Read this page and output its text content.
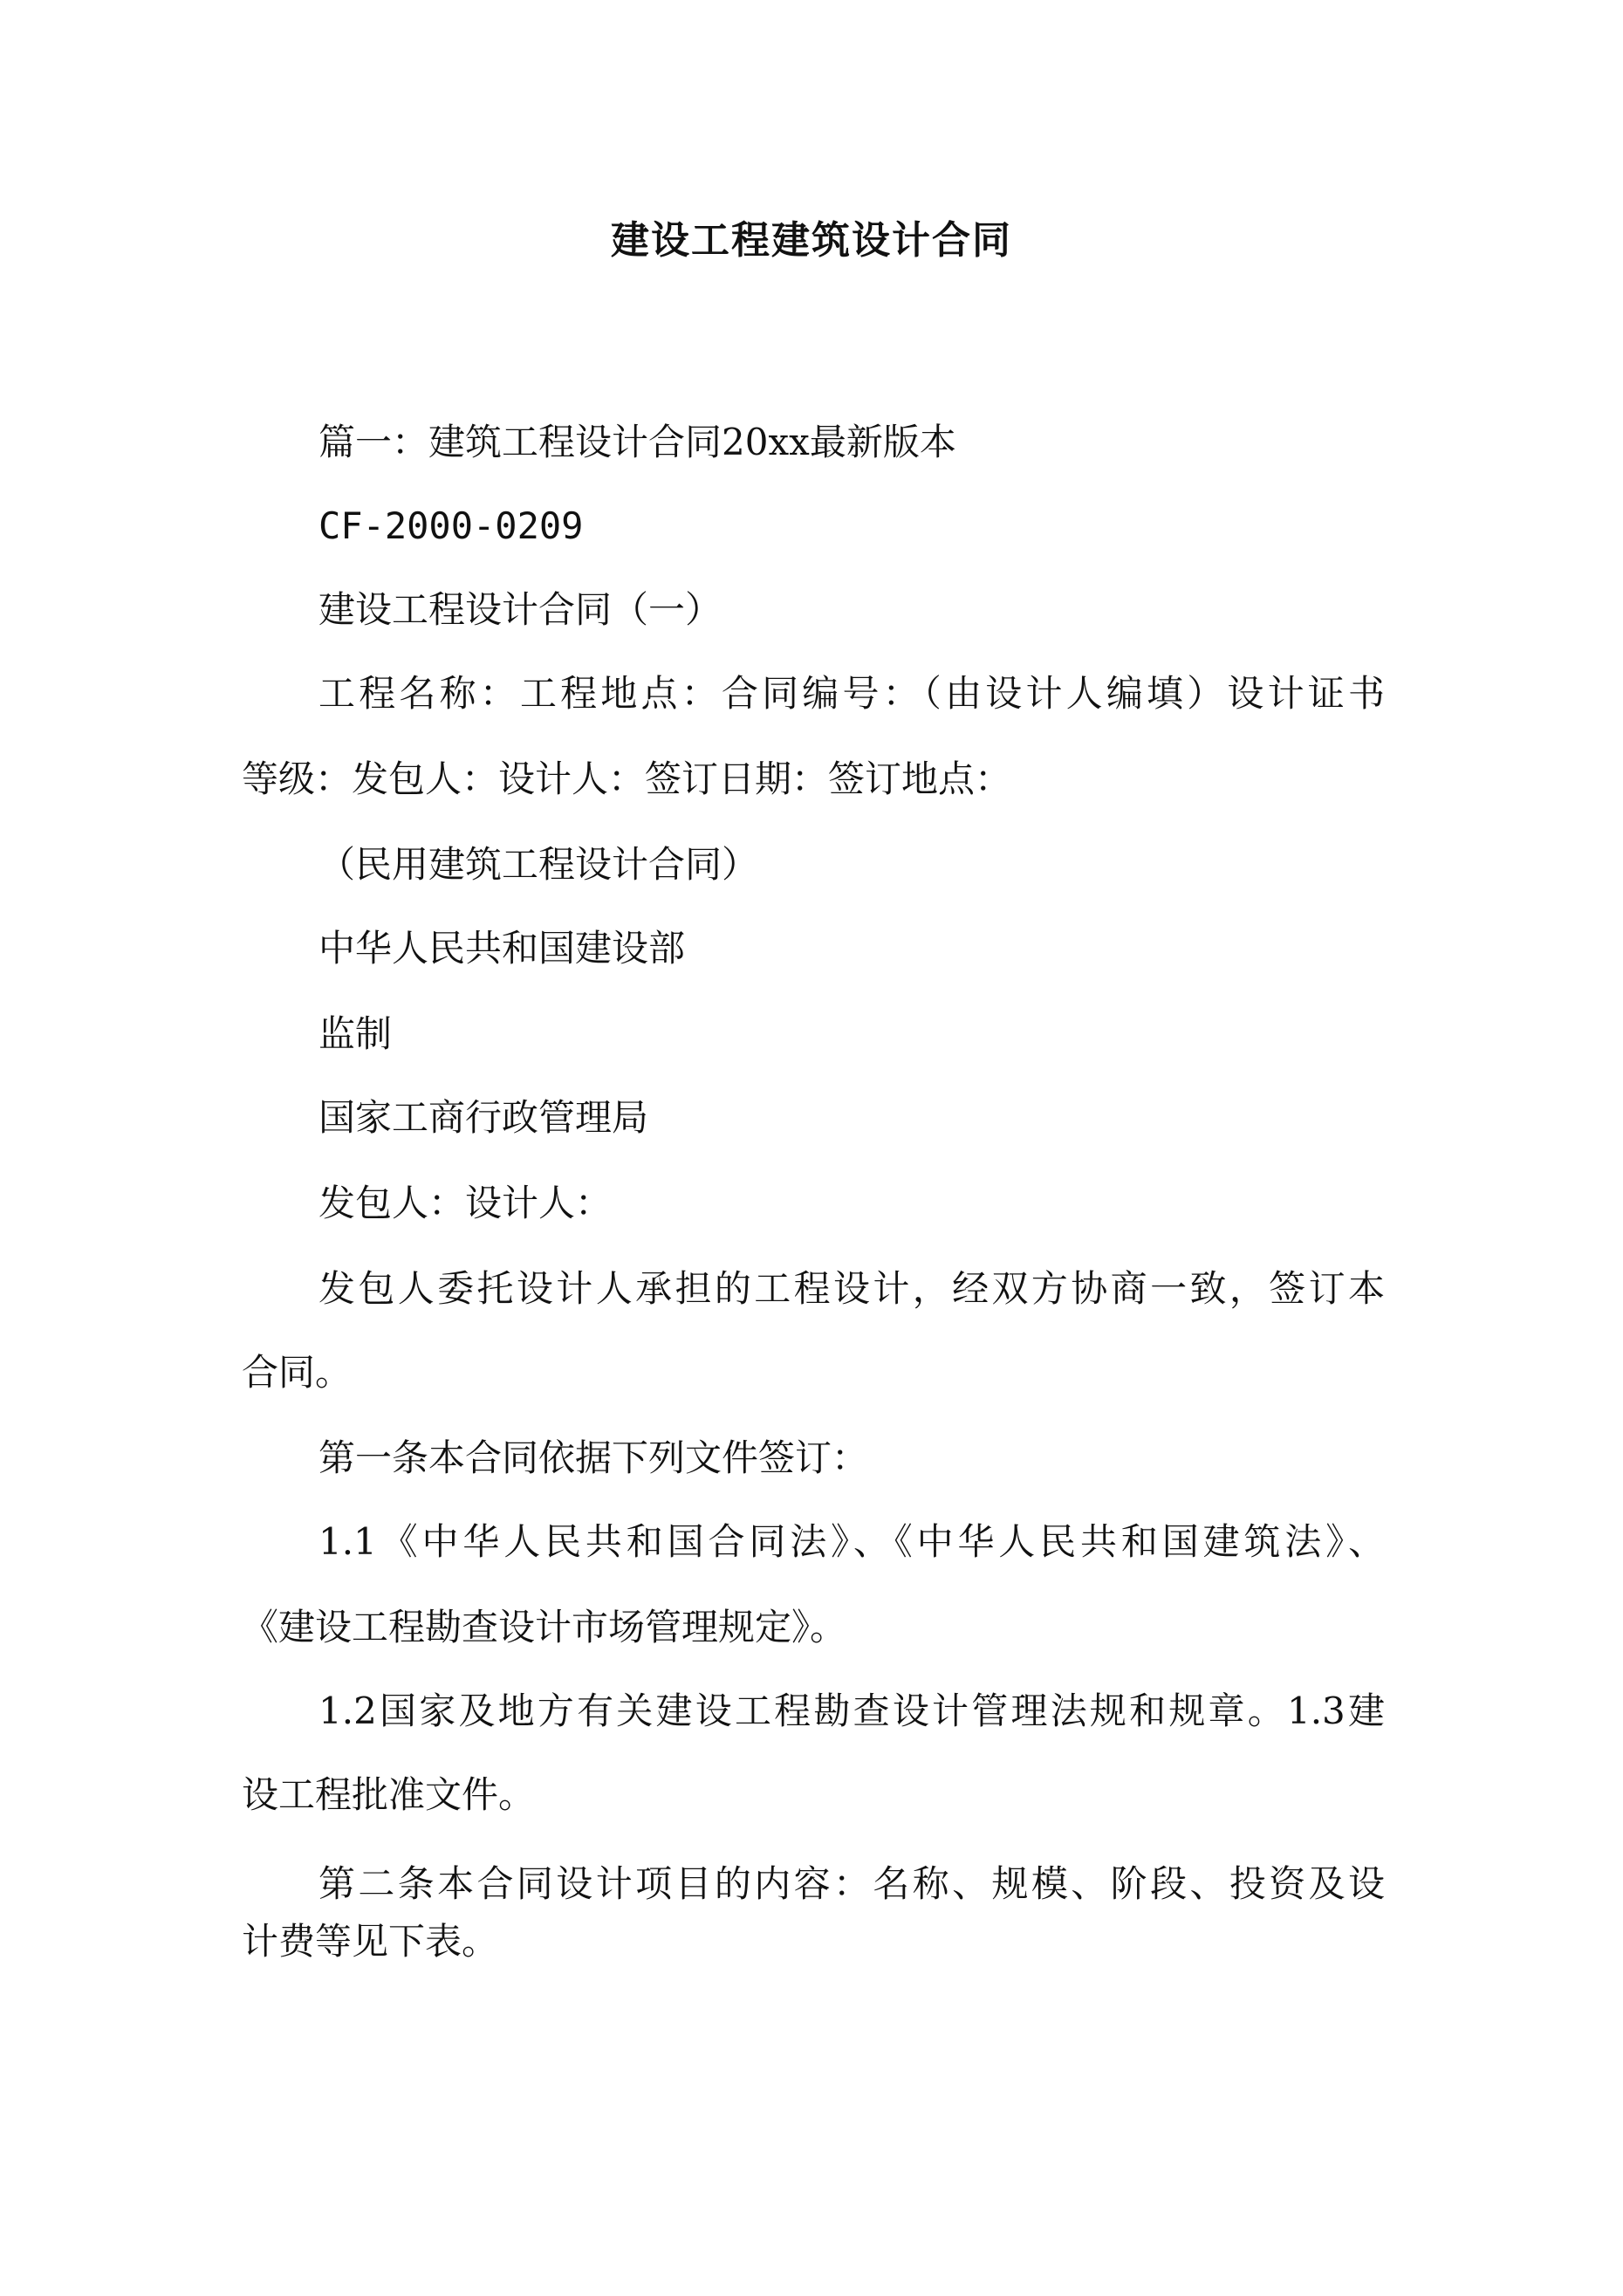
建设工程建筑设计合同
篇一：建筑工程设计合同20xx最新版本
CF-2000-0209
建设工程设计合同（一）
工程名称：工程地点：合同编号：（由设计人编填）设计证书
等级：发包人：设计人：签订日期：签订地点：
（民用建筑工程设计合同）
中华人民共和国建设部
监制
国家工商行政管理局
发包人：设计人：
发包人委托设计人承担的工程设计，经双方协商一致，签订本
合同。
第一条本合同依据下列文件签订：
1.1《中华人民共和国合同法》、《中华人民共和国建筑法》、
《建设工程勘查设计市场管理规定》。
1.2国家及地方有关建设工程勘查设计管理法规和规章。1.3建
设工程批准文件。
第二条本合同设计项目的内容：名称、规模、阶段、投资及设
计费等见下表。
